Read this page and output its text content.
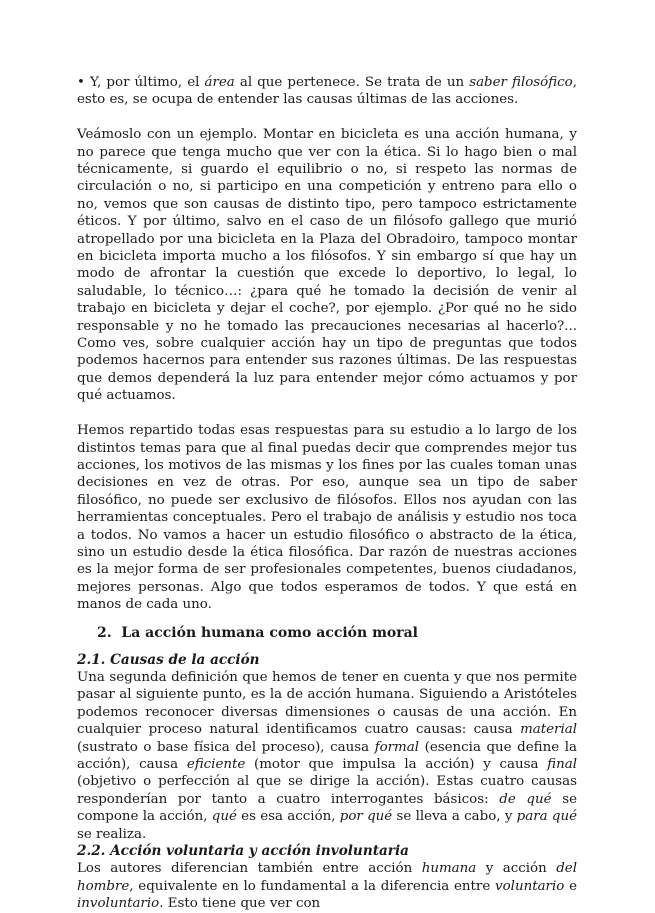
• Y, por último, el área al que pertenece. Se trata de un saber filosófico, esto es, se ocupa de entender las causas últimas de las acciones.

Veámoslo con un ejemplo. Montar en bicicleta es una acción humana, y no parece que tenga mucho que ver con la ética. Si lo hago bien o mal técnicamente, si guardo el equilibrio o no, si respeto las normas de circulación o no, si participo en una competición y entreno para ello o no, vemos que son causas de distinto tipo, pero tampoco estrictamente éticos. Y por último, salvo en el caso de un filósofo gallego que murió atropellado por una bicicleta en la Plaza del Obradoiro, tampoco montar en bicicleta importa mucho a los filósofos. Y sin embargo sí que hay un modo de afrontar la cuestión que excede lo deportivo, lo legal, lo saludable, lo técnico…: ¿para qué he tomado la decisión de venir al trabajo en bicicleta y dejar el coche?, por ejemplo. ¿Por qué no he sido responsable y no he tomado las precauciones necesarias al hacerlo?... Como ves, sobre cualquier acción hay un tipo de preguntas que todos podemos hacernos para entender sus razones últimas. De las respuestas que demos dependerá la luz para entender mejor cómo actuamos y por qué actuamos.

Hemos repartido todas esas respuestas para su estudio a lo largo de los distintos temas para que al final puedas decir que comprendes mejor tus acciones, los motivos de las mismas y los fines por las cuales toman unas decisiones en vez de otras. Por eso, aunque sea un tipo de saber filosófico, no puede ser exclusivo de filósofos. Ellos nos ayudan con las herramientas conceptuales. Pero el trabajo de análisis y estudio nos toca a todos. No vamos a hacer un estudio filosófico o abstracto de la ética, sino un estudio desde la ética filosófica. Dar razón de nuestras acciones es la mejor forma de ser profesionales competentes, buenos ciudadanos, mejores personas. Algo que todos esperamos de todos. Y que está en manos de cada uno.

2. La acción humana como acción moral
2.1. Causas de la acción

Una segunda definición que hemos de tener en cuenta y que nos permite pasar al siguiente punto, es la de acción humana. Siguiendo a Aristóteles podemos reconocer diversas dimensiones o causas de una acción. En cualquier proceso natural identificamos cuatro causas: causa material (sustrato o base física del proceso), causa formal (esencia que define la acción), causa eficiente (motor que impulsa la acción) y causa final (objetivo o perfección al que se dirige la acción). Estas cuatro causas responderían por tanto a cuatro interrogantes básicos: de qué se compone la acción, qué es esa acción, por qué se lleva a cabo, y para qué se realiza.

2.2. Acción voluntaria y acción involuntaria

Los autores diferencian también entre acción humana y acción del hombre, equivalente en lo fundamental a la diferencia entre voluntario e involuntario. Esto tiene que ver con
